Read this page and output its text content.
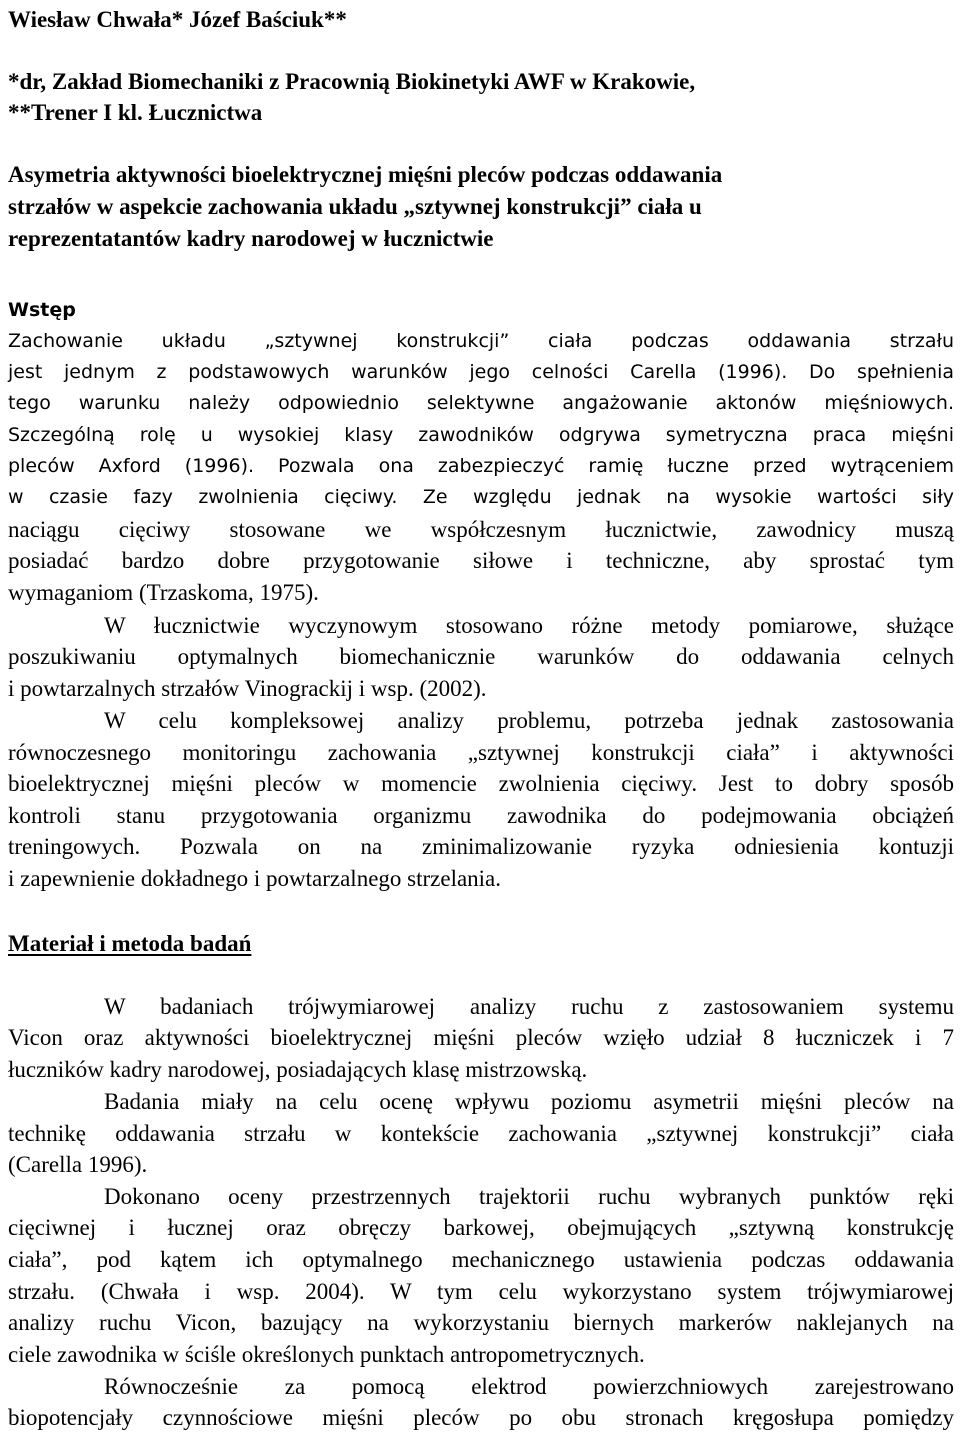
Wiesław Chwała* Józef Baściuk**
*dr, Zakład Biomechaniki z Pracownią Biokinetyki AWF w Krakowie,
**Trener I kl. Łucznictwa
Asymetria aktywności bioelektrycznej mięśni pleców podczas oddawania
strzałów w aspekcie zachowania układu „sztywnej konstrukcji” ciała u
reprezentatantów kadry narodowej w łucznictwie
Wstęp
Zachowanie układu „sztywnej konstrukcji” ciała podczas oddawania strzału
jest jednym z podstawowych warunków jego celności Carella (1996). Do spełnienia
tego warunku należy odpowiednio selektywne angażowanie aktonów mięśniowych.
Szczególną rolę u wysokiej klasy zawodników odgrywa symetryczna praca mięśni
pleców Axford (1996). Pozwala ona zabezpieczyć ramię łuczne przed wytrąceniem
w czasie fazy zwolnienia cięciwy. Ze względu jednak na wysokie wartości siły
naciągu cięciwy stosowane we współczesnym łucznictwie, zawodnicy muszą
posiadać bardzo dobre przygotowanie siłowe i techniczne, aby sprostać tym
wymaganiom (Trzaskoma, 1975).
W łucznictwie wyczynowym stosowano różne metody pomiarowe, służące
poszukiwaniu optymalnych biomechanicznie warunków do oddawania celnych
i powtarzalnych strzałów Vinograckij i wsp. (2002).
W celu kompleksowej analizy problemu, potrzeba jednak zastosowania
równoczesnego monitoringu zachowania „sztywnej konstrukcji ciała” i aktywności
bioelektrycznej mięśni pleców w momencie zwolnienia cięciwy. Jest to dobry sposób
kontroli stanu przygotowania organizmu zawodnika do podejmowania obciążeń
treningowych. Pozwala on na zminimalizowanie ryzyka odniesienia kontuzji
i zapewnienie dokładnego i powtarzalnego strzelania.
Materiał i metoda badań
W badaniach trójwymiarowej analizy ruchu z zastosowaniem systemu
Vicon oraz aktywności bioelektrycznej mięśni pleców wzięło udział 8 łuczniczek i 7
łuczników kadry narodowej, posiadających klasę mistrzowską.
Badania miały na celu ocenę wpływu poziomu asymetrii mięśni pleców na
technikę oddawania strzału w kontekście zachowania „sztywnej konstrukcji” ciała
(Carella 1996).
Dokonano oceny przestrzennych trajektorii ruchu wybranych punktów ręki
cięciwnej i łucznej oraz obręczy barkowej, obejmujących „sztywną konstrukcję
ciała”, pod kątem ich optymalnego mechanicznego ustawienia podczas oddawania
strzału. (Chwała i wsp. 2004). W tym celu wykorzystano system trójwymiarowej
analizy ruchu Vicon, bazujący na wykorzystaniu biernych markerów naklejanych na
ciele zawodnika w ściśle określonych punktach antropometrycznych.
Równocześnie za pomocą elektrod powierzchniowych zarejestrowano
biopotencjały czynnościowe mięśni pleców po obu stronach kręgosłupa pomiędzy
